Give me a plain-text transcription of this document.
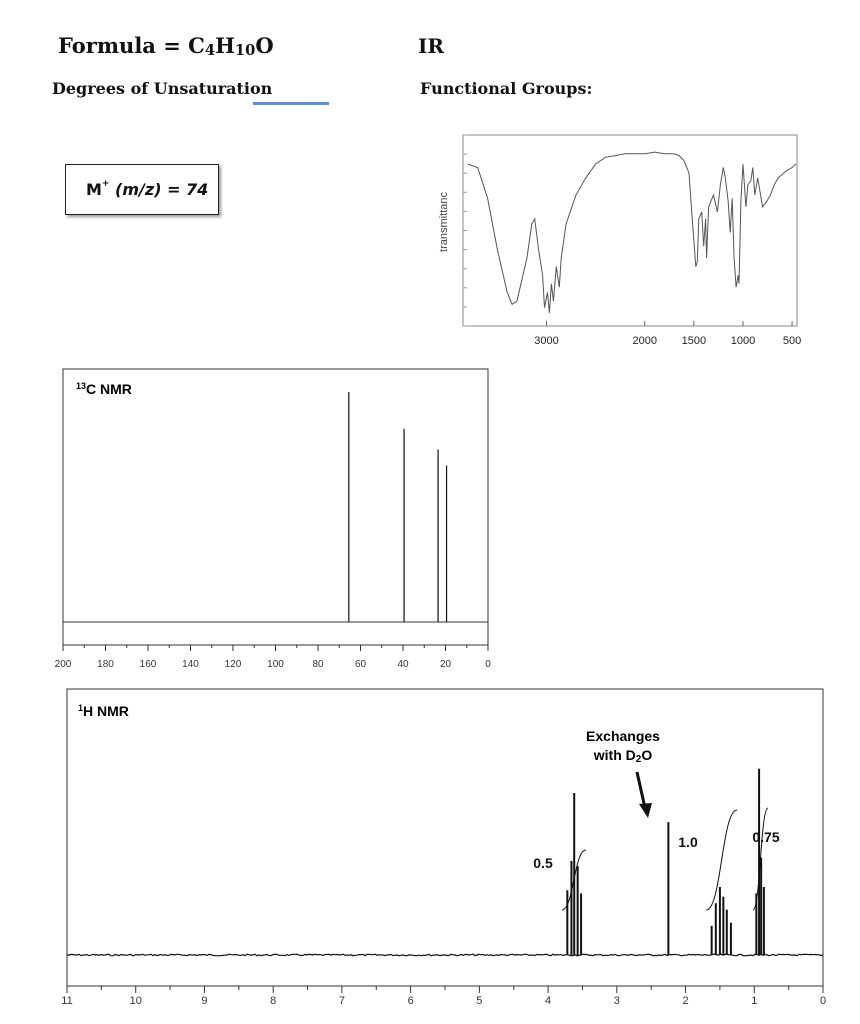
Formula = C4H10O	IR
Degrees of Unsaturation	Functional Groups:
M+ (m/z) = 74
3000	2000 1500 1000	500
transmittanc
$^{13}$C NMR
200	180	160	140	120	100	80	60	40	20	0
$^1$H NMR
0.5
1.0	0.75
11	10	9	8	7	6	5	4	3	2	1	0
Exchanges
with D2O
